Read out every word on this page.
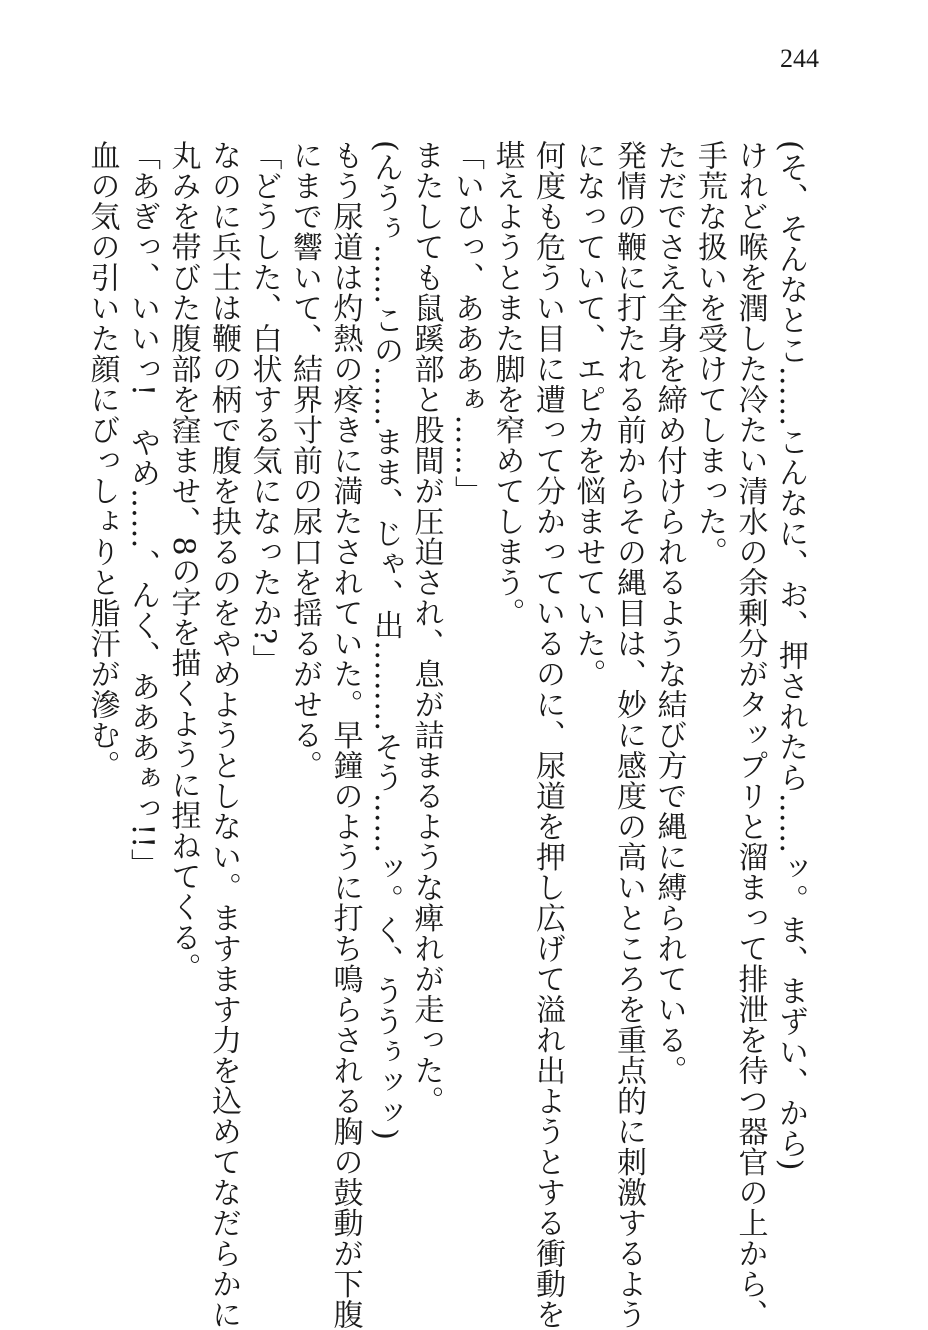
244
(そ、そんなとこ……こんなに、お、押されたら……ッ。ま、まずい、から)
けれど喉を潤した冷たい清水の余剰分がタップリと溜まって排泄を待つ器官の上から、
手荒な扱いを受けてしまった。
ただでさえ全身を締め付けられるような結び方で縄に縛られている。
発情の鞭に打たれる前からその縄目は、妙に感度の高いところを重点的に刺激するよう
になっていて、エピカを悩ませていた。
何度も危うい目に遭って分かっているのに、尿道を押し広げて溢れ出ようとする衝動を
堪えようとまた脚を窄めてしまう。
「いひっ、あああぁ……」
またしても鼠蹊部と股間が圧迫され、息が詰まるような痺れが走った。
(んうぅ……この……まま、じゃ、出………そう……ッ。く、ううぅッッ)
もう尿道は灼熱の疼きに満たされていた。早鐘のように打ち鳴らされる胸の鼓動が下腹
にまで響いて、結界寸前の尿口を揺るがせる。
「どうした、白状する気になったか?」
なのに兵士は鞭の柄で腹を抉るのをやめようとしない。ますます力を込めてなだらかに
丸みを帯びた腹部を窪ませ、8の字を描くように捏ねてくる。
「あぎっ、いいっ!　やめ……、んく、あああぁっ!!」
血の気の引いた顔にびっしょりと脂汗が滲む。
